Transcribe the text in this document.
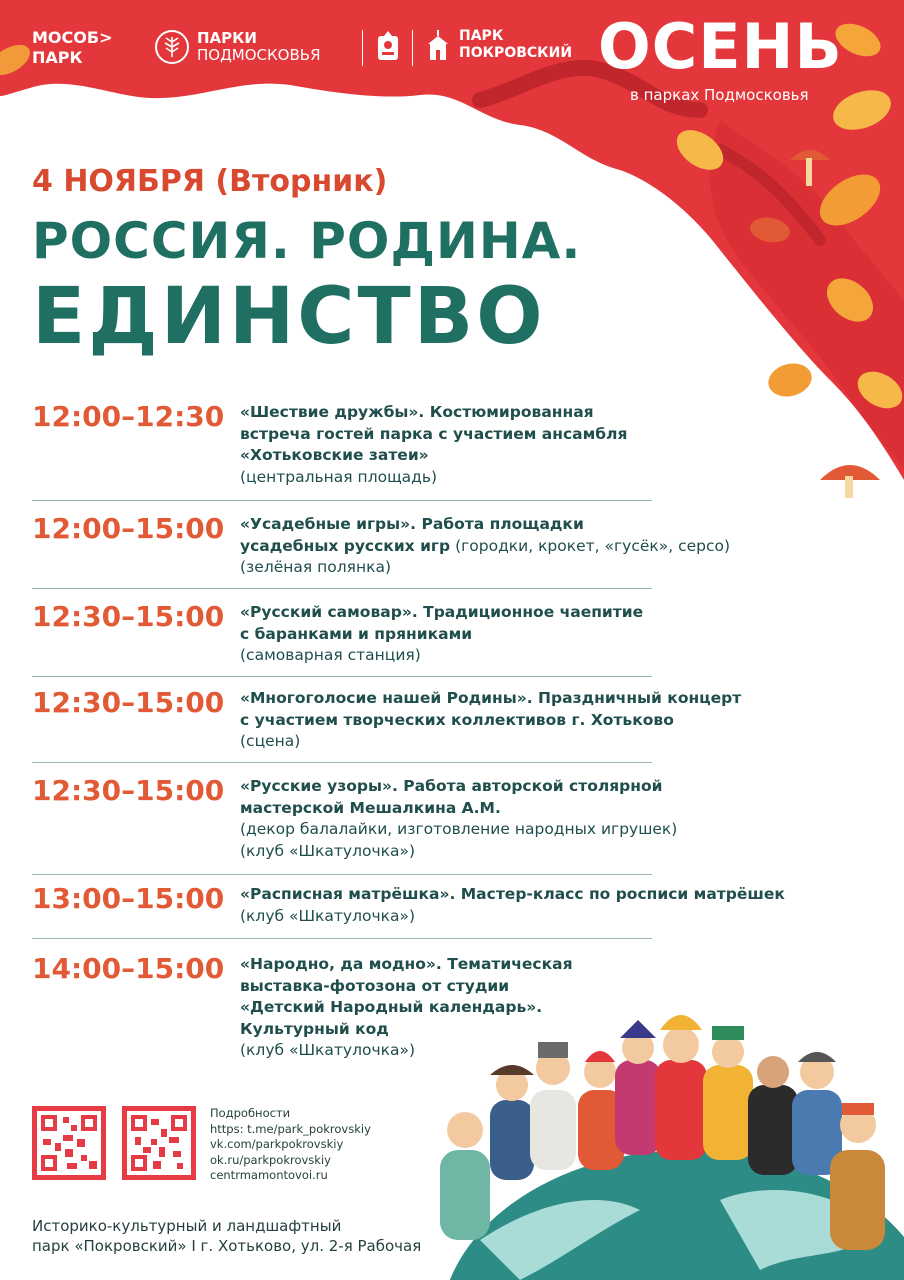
МОСОБ>
ПАРК
ПАРКИ
ПОДМОСКОВЬЯ
ПАРК
ПОКРОВСКИЙ ОСЕНЬ
в парках Подмосковья
4 НОЯБРЯ (Вторник)
РОССИЯ. РОДИНА.
ЕДИНСТВО
12:00–12:30	«Шествие дружбы». Костюмированная
встреча гостей парка с участием ансамбля
«Хотьковские затеи»
(центральная площадь)
12:00–15:00	«Усадебные игры». Работа площадки
усадебных русских игр (городки, крокет, «гусёк», серсо)
(зелёная полянка)
12:30–15:00	«Русский самовар». Традиционное чаепитие
с баранками и пряниками
(самоварная станция)
12:30–15:00	«Многоголосие нашей Родины». Праздничный концерт
с участием творческих коллективов г. Хотьково
(сцена)
12:30–15:00	«Русские узоры». Работа авторской столярной
мастерской Мешалкина А.М.
(декор балалайки, изготовление народных игрушек)
(клуб «Шкатулочка»)
13:00–15:00	«Расписная матрёшка». Мастер-класс по росписи матрёшек
(клуб «Шкатулочка»)
14:00–15:00	«Народно, да модно». Тематическая
выставка-фотозона от студии
«Детский Народный календарь».
Культурный код
(клуб «Шкатулочка»)
Подробности
https: t.me/park_pokrovskiy
vk.com/parkpokrovskiy
ok.ru/parkpokrovskiy
centrmamontovoi.ru
Историко-культурный и ландшафтный
парк «Покровский» I г. Хотьково, ул. 2-я Рабочая
